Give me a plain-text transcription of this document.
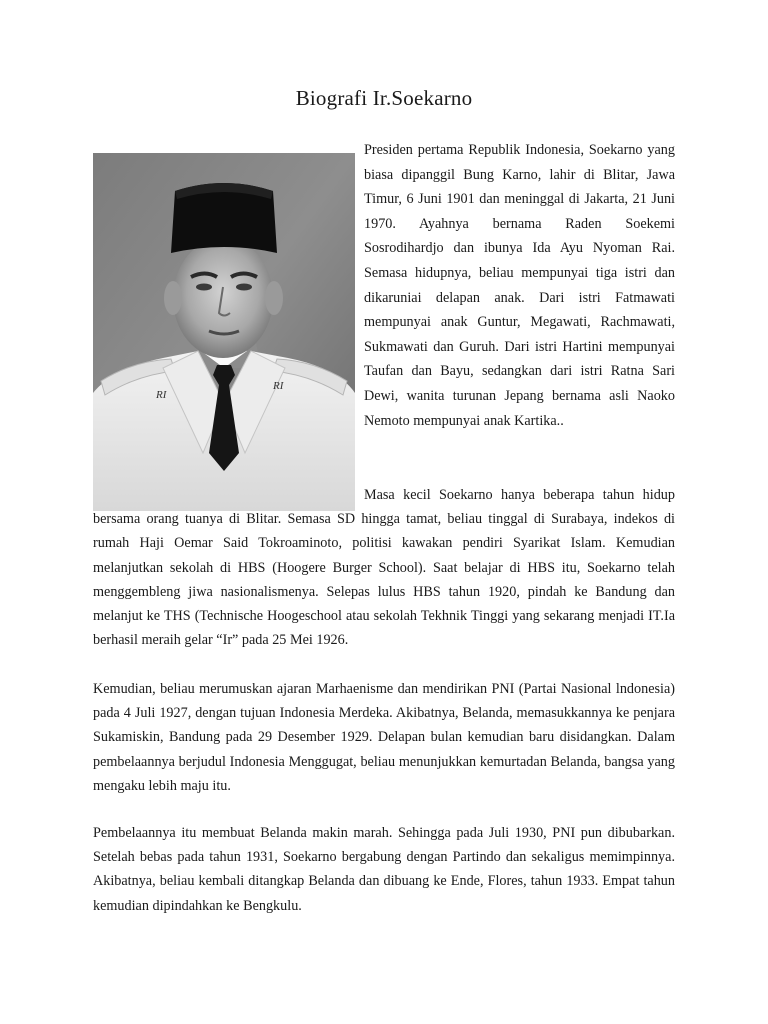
Biografi Ir.Soekarno
RI
RI

Presiden pertama Republik Indonesia, Soekarno yang biasa dipanggil Bung Karno, lahir di Blitar, Jawa Timur, 6 Juni 1901 dan meninggal di Jakarta, 21 Juni 1970. Ayahnya bernama Raden Soekemi Sosrodihardjo dan ibunya Ida Ayu Nyoman Rai. Semasa hidupnya, beliau mempunyai tiga istri dan dikaruniai delapan anak. Dari istri Fatmawati mempunyai anak Guntur, Megawati, Rachmawati, Sukmawati dan Guruh. Dari istri Hartini mempunyai Taufan dan Bayu, sedangkan dari istri Ratna Sari Dewi, wanita turunan Jepang bernama asli Naoko Nemoto mempunyai anak Kartika..

Masa kecil Soekarno hanya beberapa tahun hidup bersama orang tuanya di Blitar. Semasa SD hingga tamat, beliau tinggal di Surabaya, indekos di rumah Haji Oemar Said Tokroaminoto, politisi kawakan pendiri Syarikat Islam. Kemudian melanjutkan sekolah di HBS (Hoogere Burger School). Saat belajar di HBS itu, Soekarno telah menggembleng jiwa nasionalismenya. Selepas lulus HBS tahun 1920, pindah ke Bandung dan melanjut ke THS (Technische Hoogeschool atau sekolah Tekhnik Tinggi yang sekarang menjadi IT.Ia berhasil meraih gelar “Ir” pada 25 Mei 1926.

Kemudian, beliau merumuskan ajaran Marhaenisme dan mendirikan PNI (Partai Nasional lndonesia) pada 4 Juli 1927, dengan tujuan Indonesia Merdeka. Akibatnya, Belanda, memasukkannya ke penjara Sukamiskin, Bandung pada 29 Desember 1929. Delapan bulan kemudian baru disidangkan. Dalam pembelaannya berjudul Indonesia Menggugat, beliau menunjukkan kemurtadan Belanda, bangsa yang mengaku lebih maju itu.

Pembelaannya itu membuat Belanda makin marah. Sehingga pada Juli 1930, PNI pun dibubarkan. Setelah bebas pada tahun 1931, Soekarno bergabung dengan Partindo dan sekaligus memimpinnya. Akibatnya, beliau kembali ditangkap Belanda dan dibuang ke Ende, Flores, tahun 1933. Empat tahun kemudian dipindahkan ke Bengkulu.
